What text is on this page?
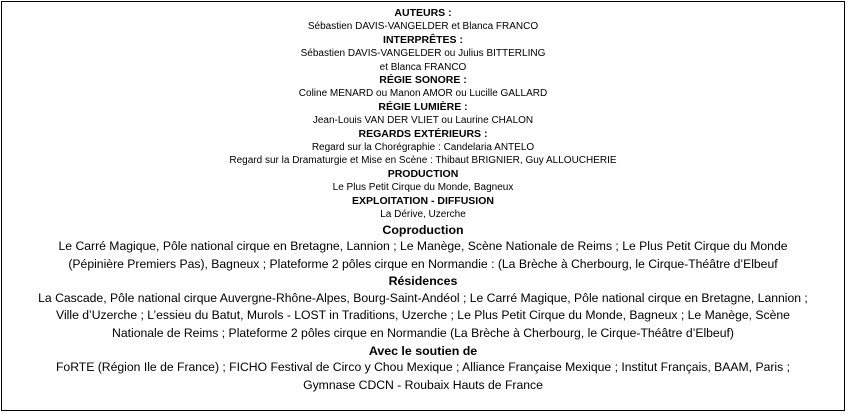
AUTEURS :
Sébastien DAVIS-VANGELDER et Blanca FRANCO
INTERPRÊTES :
Sébastien DAVIS-VANGELDER ou Julius BITTERLING
et Blanca FRANCO
RÉGIE SONORE :
Coline MENARD ou Manon AMOR ou Lucille GALLARD
RÉGIE LUMIÈRE :
Jean-Louis VAN DER VLIET ou Laurine CHALON
REGARDS EXTÉRIEURS :
Regard sur la Chorégraphie : Candelaria ANTELO
Regard sur la Dramaturgie et Mise en Scène : Thibaut BRIGNIER, Guy ALLOUCHERIE
PRODUCTION
Le Plus Petit Cirque du Monde, Bagneux
EXPLOITATION - DIFFUSION
La Dérive, Uzerche
Coproduction
Le Carré Magique, Pôle national cirque en Bretagne, Lannion ; Le Manège, Scène Nationale de Reims ; Le Plus Petit Cirque du Monde
(Pépinière Premiers Pas), Bagneux ; Plateforme 2 pôles cirque en Normandie : (La Brèche à Cherbourg, le Cirque-Théâtre d’Elbeuf
Résidences
La Cascade, Pôle national cirque Auvergne-Rhône-Alpes, Bourg-Saint-Andéol ; Le Carré Magique, Pôle national cirque en Bretagne, Lannion ;
Ville d’Uzerche ; L’essieu du Batut, Murols - LOST in Traditions, Uzerche ; Le Plus Petit Cirque du Monde, Bagneux ; Le Manège, Scène
Nationale de Reims ; Plateforme 2 pôles cirque en Normandie (La Brèche à Cherbourg, le Cirque-Théâtre d’Elbeuf)
Avec le soutien de
FoRTE (Région Ile de France) ; FICHO Festival de Circo y Chou Mexique ; Alliance Française Mexique ; Institut Français, BAAM, Paris ;
Gymnase CDCN - Roubaix Hauts de France
